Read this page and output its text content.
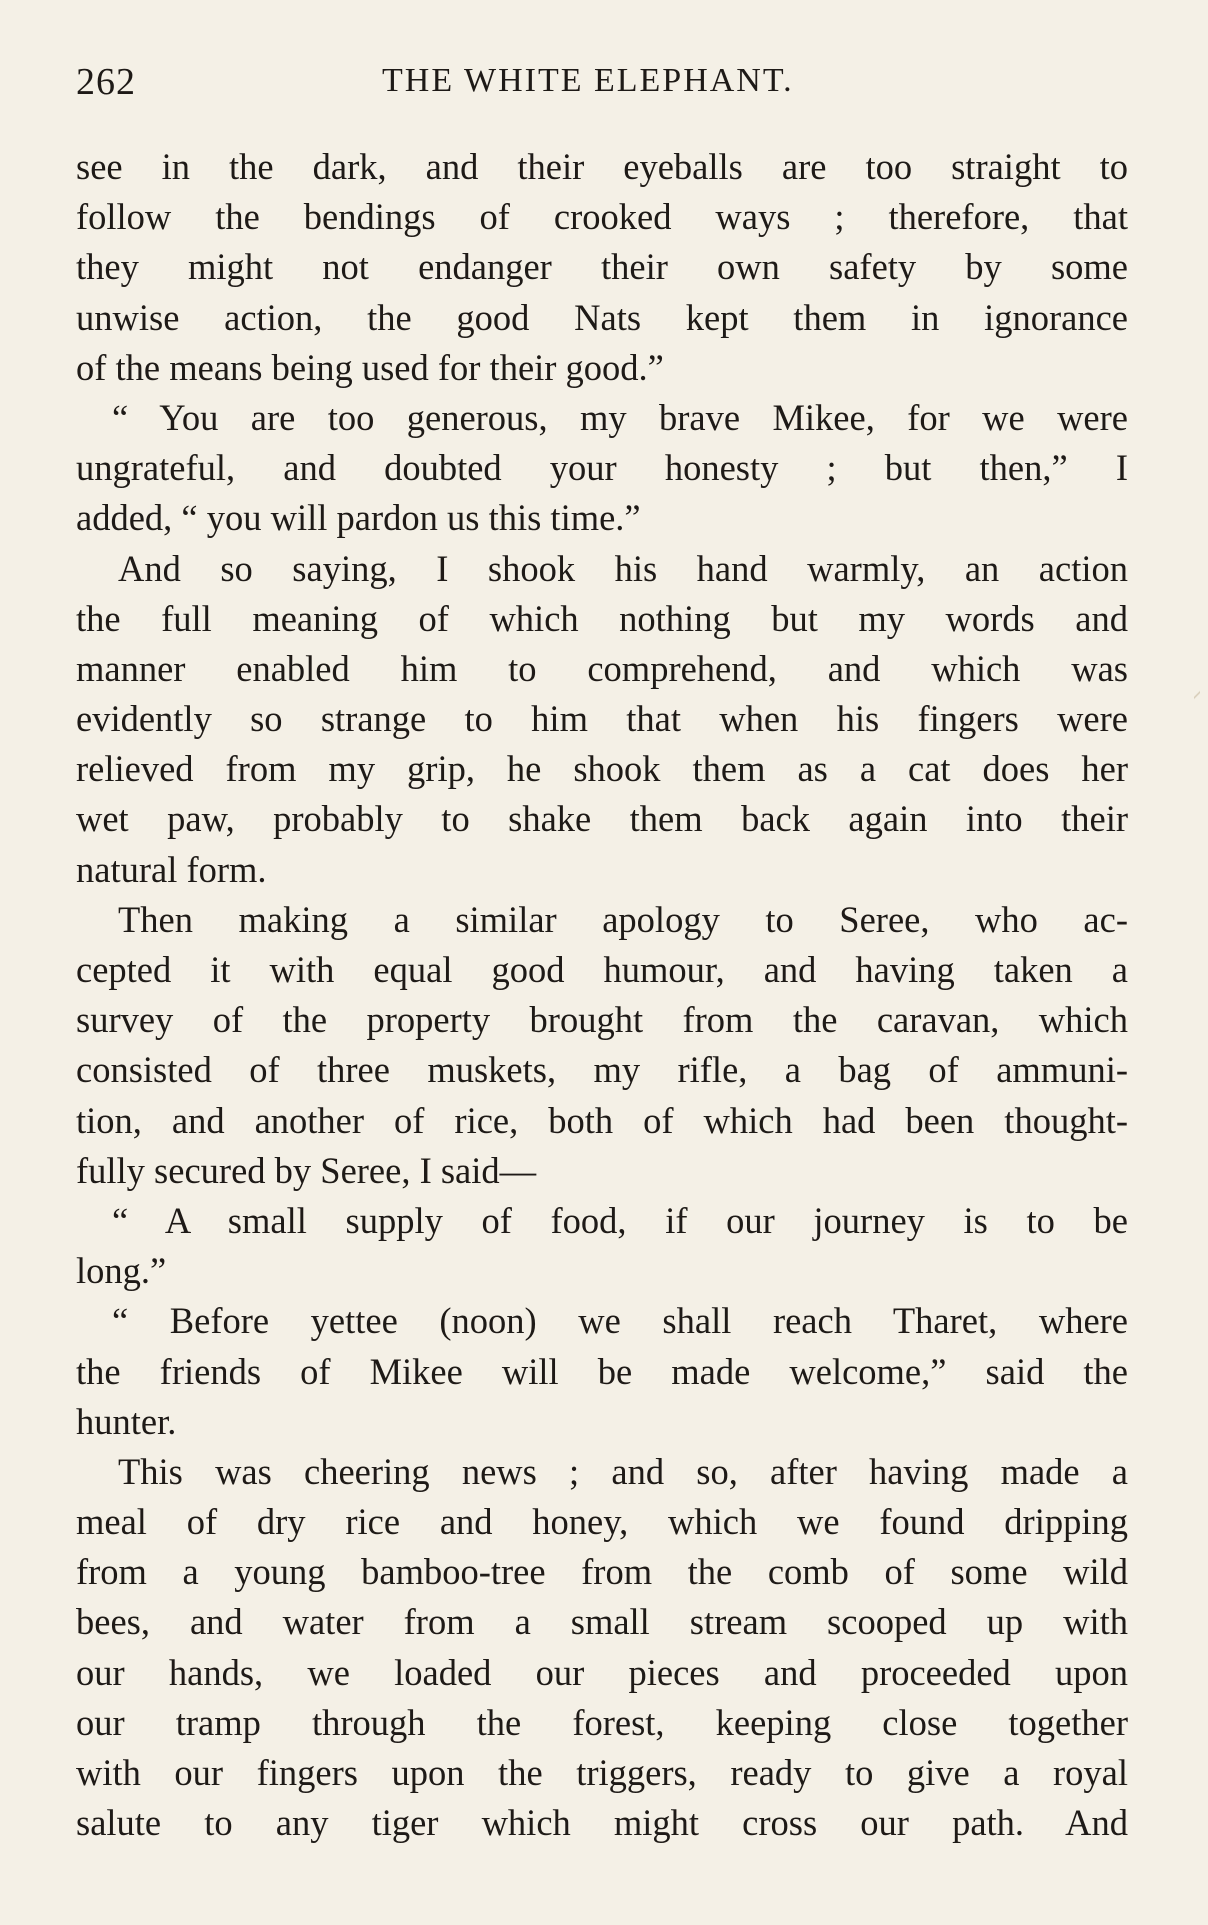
262	THE WHITE ELEPHANT.
see in the dark, and their eyeballs are too straight to
follow the bendings of crooked ways ; therefore, that
they might not endanger their own safety by some
unwise action, the good Nats kept them in ignorance
of the means being used for their good.”
“ You are too generous, my brave Mikee, for we were
ungrateful, and doubted your honesty ; but then,” I
added, “ you will pardon us this time.”
And so saying, I shook his hand warmly, an action
the full meaning of which nothing but my words and
manner enabled him to comprehend, and which was
evidently so strange to him that when his fingers were
relieved from my grip, he shook them as a cat does her
wet paw, probably to shake them back again into their
natural form.
Then making a similar apology to Seree, who ac-
cepted it with equal good humour, and having taken a
survey of the property brought from the caravan, which
consisted of three muskets, my rifle, a bag of ammuni-
tion, and another of rice, both of which had been thought-
fully secured by Seree, I said—
“ A small supply of food, if our journey is to be
long.”
“ Before yettee (noon) we shall reach Tharet, where
the friends of Mikee will be made welcome,” said the
hunter.
This was cheering news ; and so, after having made a
meal of dry rice and honey, which we found dripping
from a young bamboo-tree from the comb of some wild
bees, and water from a small stream scooped up with
our hands, we loaded our pieces and proceeded upon
our tramp through the forest, keeping close together
with our fingers upon the triggers, ready to give a royal
salute to any tiger which might cross our path. And
